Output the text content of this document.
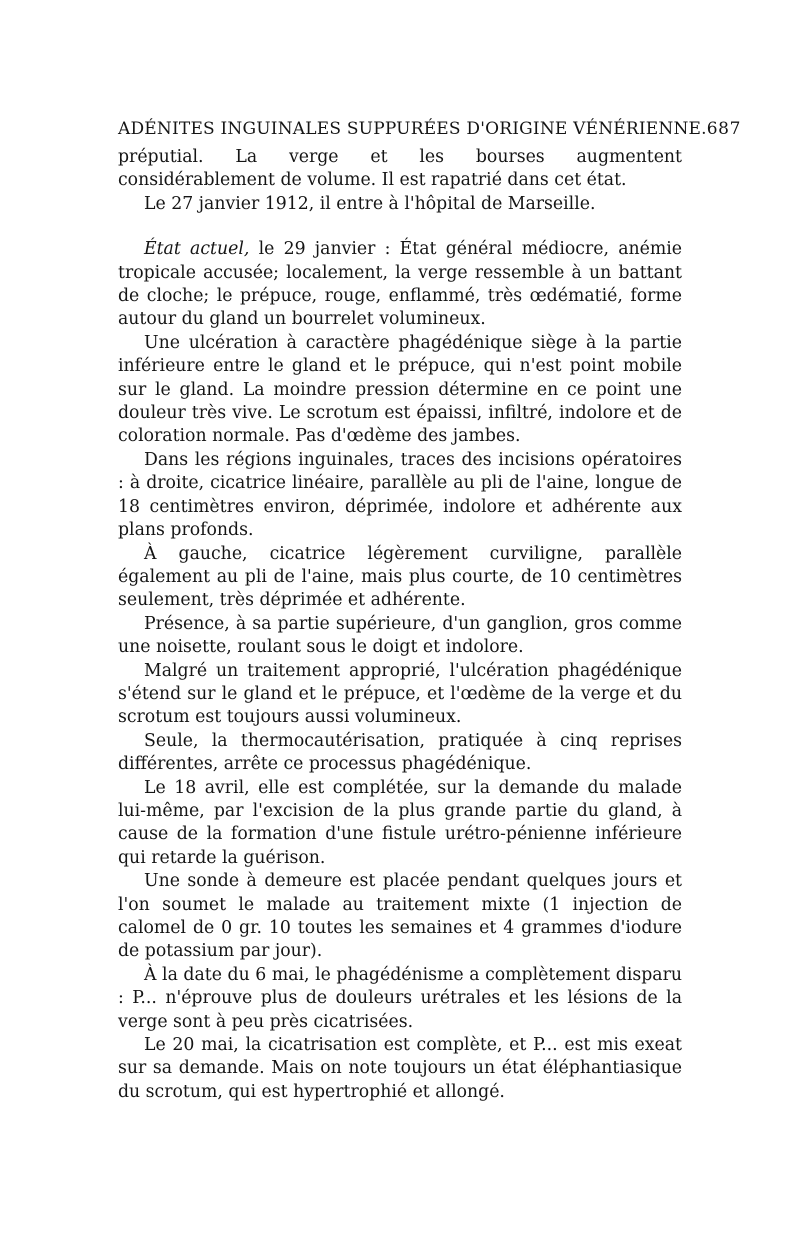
ADÉNITES INGUINALES SUPPURÉES D'ORIGINE VÉNÉRIENNE. 687

préputial. La verge et les bourses augmentent considérablement de volume. Il est rapatrié dans cet état.

Le 27 janvier 1912, il entre à l'hôpital de Marseille.

État actuel, le 29 janvier : État général médiocre, anémie tropicale accusée; localement, la verge ressemble à un battant de cloche; le prépuce, rouge, enflammé, très œdématié, forme autour du gland un bourrelet volumineux.

Une ulcération à caractère phagédénique siège à la partie inférieure entre le gland et le prépuce, qui n'est point mobile sur le gland. La moindre pression détermine en ce point une douleur très vive. Le scrotum est épaissi, infiltré, indolore et de coloration normale. Pas d'œdème des jambes.

Dans les régions inguinales, traces des incisions opératoires : à droite, cicatrice linéaire, parallèle au pli de l'aine, longue de 18 centimètres environ, déprimée, indolore et adhérente aux plans profonds.

À gauche, cicatrice légèrement curviligne, parallèle également au pli de l'aine, mais plus courte, de 10 centimètres seulement, très déprimée et adhérente.

Présence, à sa partie supérieure, d'un ganglion, gros comme une noisette, roulant sous le doigt et indolore.

Malgré un traitement approprié, l'ulcération phagédénique s'étend sur le gland et le prépuce, et l'œdème de la verge et du scrotum est toujours aussi volumineux.

Seule, la thermocautérisation, pratiquée à cinq reprises différentes, arrête ce processus phagédénique.

Le 18 avril, elle est complétée, sur la demande du malade lui-même, par l'excision de la plus grande partie du gland, à cause de la formation d'une fistule urétro-pénienne inférieure qui retarde la guérison.

Une sonde à demeure est placée pendant quelques jours et l'on soumet le malade au traitement mixte (1 injection de calomel de 0 gr. 10 toutes les semaines et 4 grammes d'iodure de potassium par jour).

À la date du 6 mai, le phagédénisme a complètement disparu : P... n'éprouve plus de douleurs urétrales et les lésions de la verge sont à peu près cicatrisées.

Le 20 mai, la cicatrisation est complète, et P... est mis exeat sur sa demande. Mais on note toujours un état éléphantiasique du scrotum, qui est hypertrophié et allongé.
